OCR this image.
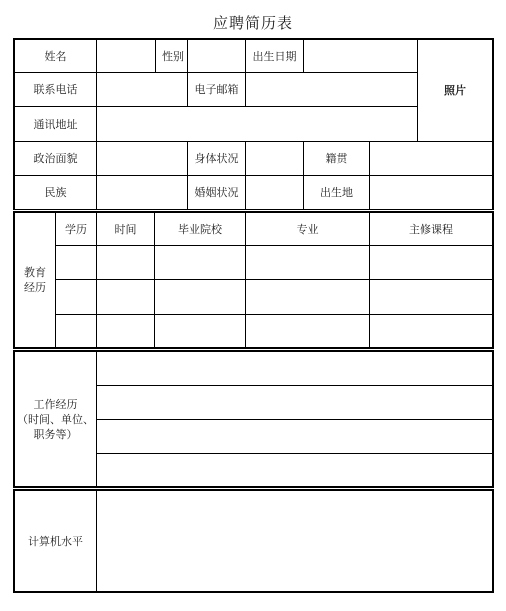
应聘简历表
姓名	性别	出生日期
照片
联系电话	电子邮箱
通讯地址
政治面貌	身体状况	籍贯
民族	婚姻状况	出生地
教育
经历
学历	时间	毕业院校	专业	主修课程
工作经历
（时间、单位、
职务等）
计算机水平
